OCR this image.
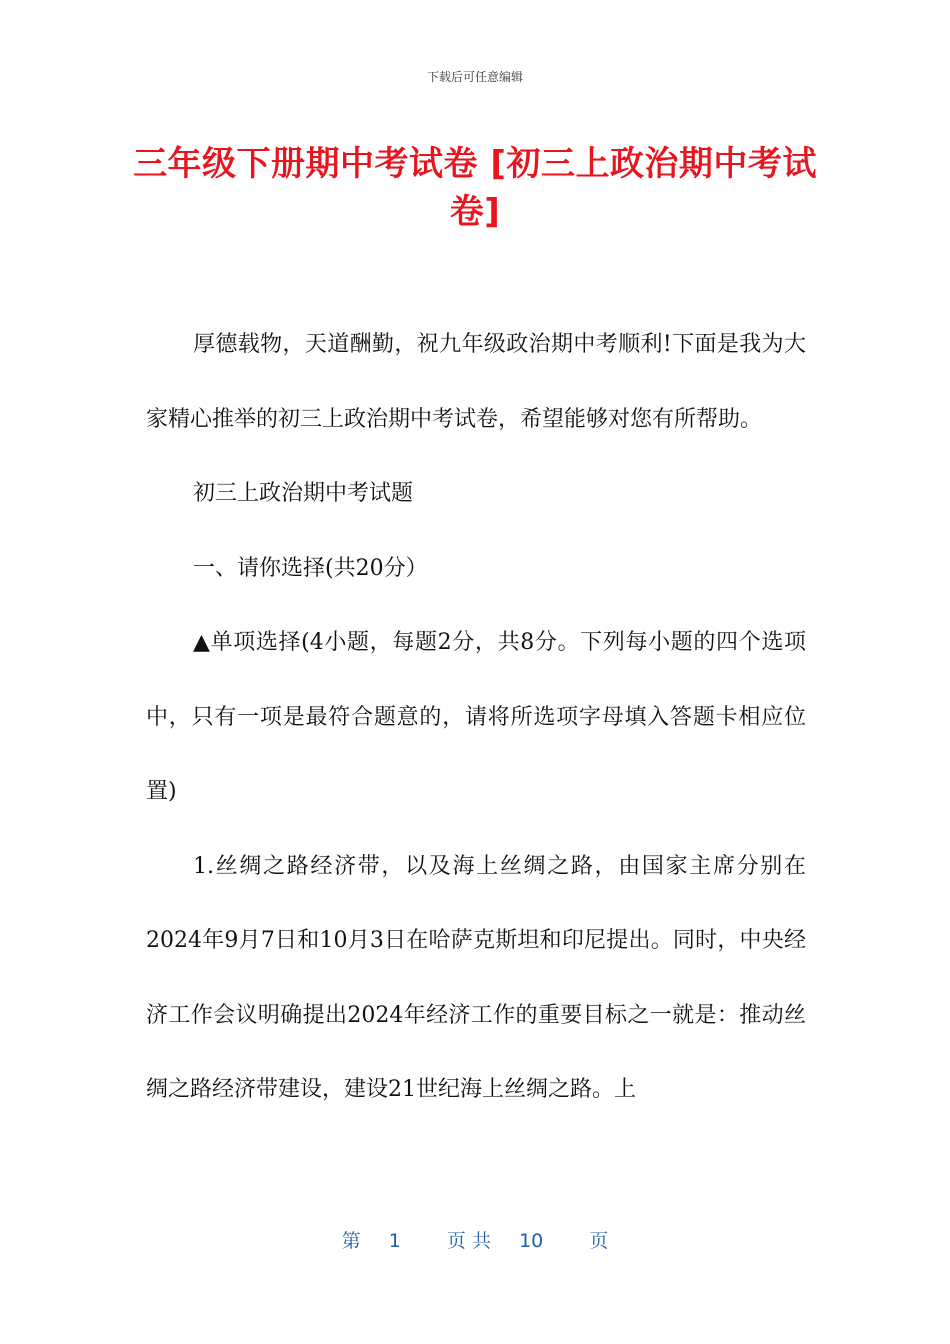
下载后可任意编辑
三年级下册期中考试卷 [初三上政治期中考试卷]

厚德载物，天道酬勤，祝九年级政治期中考顺利!下面是我为大家精心推举的初三上政治期中考试卷，希望能够对您有所帮助。

初三上政治期中考试题

一、请你选择(共20分）

▲单项选择(4小题，每题2分，共8分。下列每小题的四个选项中，只有一项是最符合题意的，请将所选项字母填入答题卡相应位置)

1.丝绸之路经济带，以及海上丝绸之路，由国家主席分别在2024年9月7日和10月3日在哈萨克斯坦和印尼提出。同时，中央经济工作会议明确提出2024年经济工作的重要目标之一就是：推动丝绸之路经济带建设，建设21世纪海上丝绸之路。上

第 1 页 共 10 页
